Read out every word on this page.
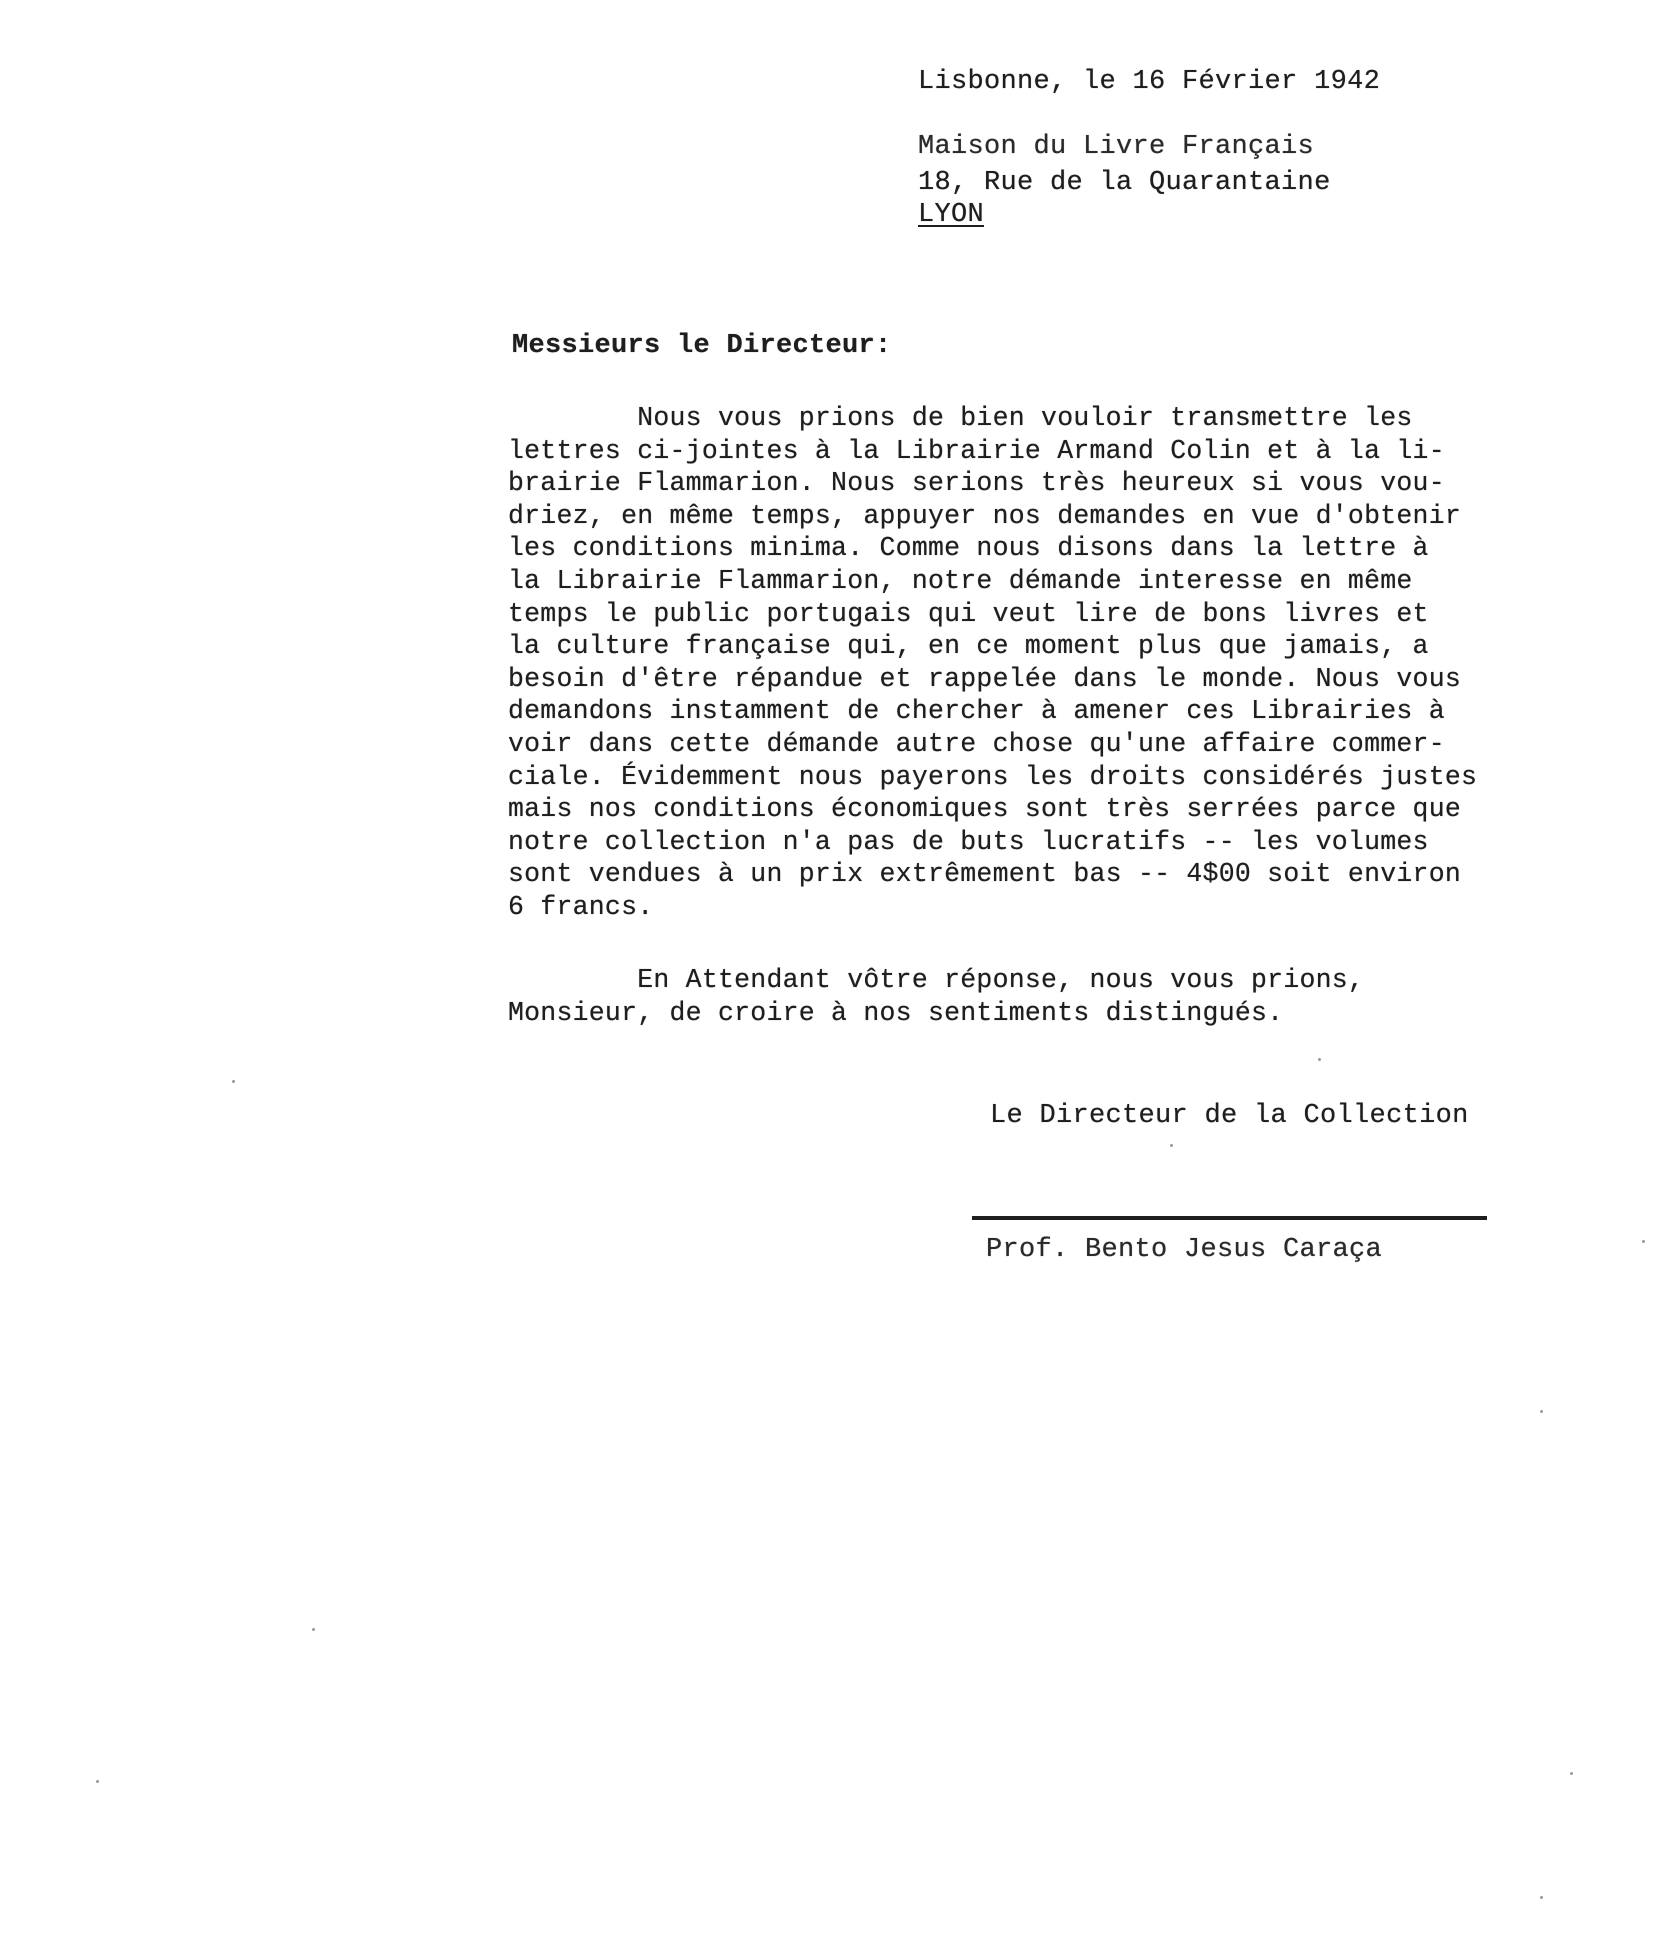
Lisbonne, le 16 Février 1942
Maison du Livre Français
18, Rue de la Quarantaine
LYON
Messieurs le Directeur:
Nous vous prions de bien vouloir transmettre les
lettres ci-jointes à la Librairie Armand Colin et à la li-
brairie Flammarion. Nous serions très heureux si vous vou-
driez, en même temps, appuyer nos demandes en vue d'obtenir
les conditions minima. Comme nous disons dans la lettre à
la Librairie Flammarion, notre démande interesse en même
temps le public portugais qui veut lire de bons livres et
la culture française qui, en ce moment plus que jamais, a
besoin d'être répandue et rappelée dans le monde. Nous vous
demandons instamment de chercher à amener ces Librairies à
voir dans cette démande autre chose qu'une affaire commer-
ciale. Évidemment nous payerons les droits considérés justes
mais nos conditions économiques sont très serrées parce que
notre collection n'a pas de buts lucratifs -- les volumes
sont vendues à un prix extrêmement bas -- 4$00 soit environ
6 francs.
En Attendant vôtre réponse, nous vous prions,
Monsieur, de croire à nos sentiments distingués.
Le Directeur de la Collection
Prof. Bento Jesus Caraça
